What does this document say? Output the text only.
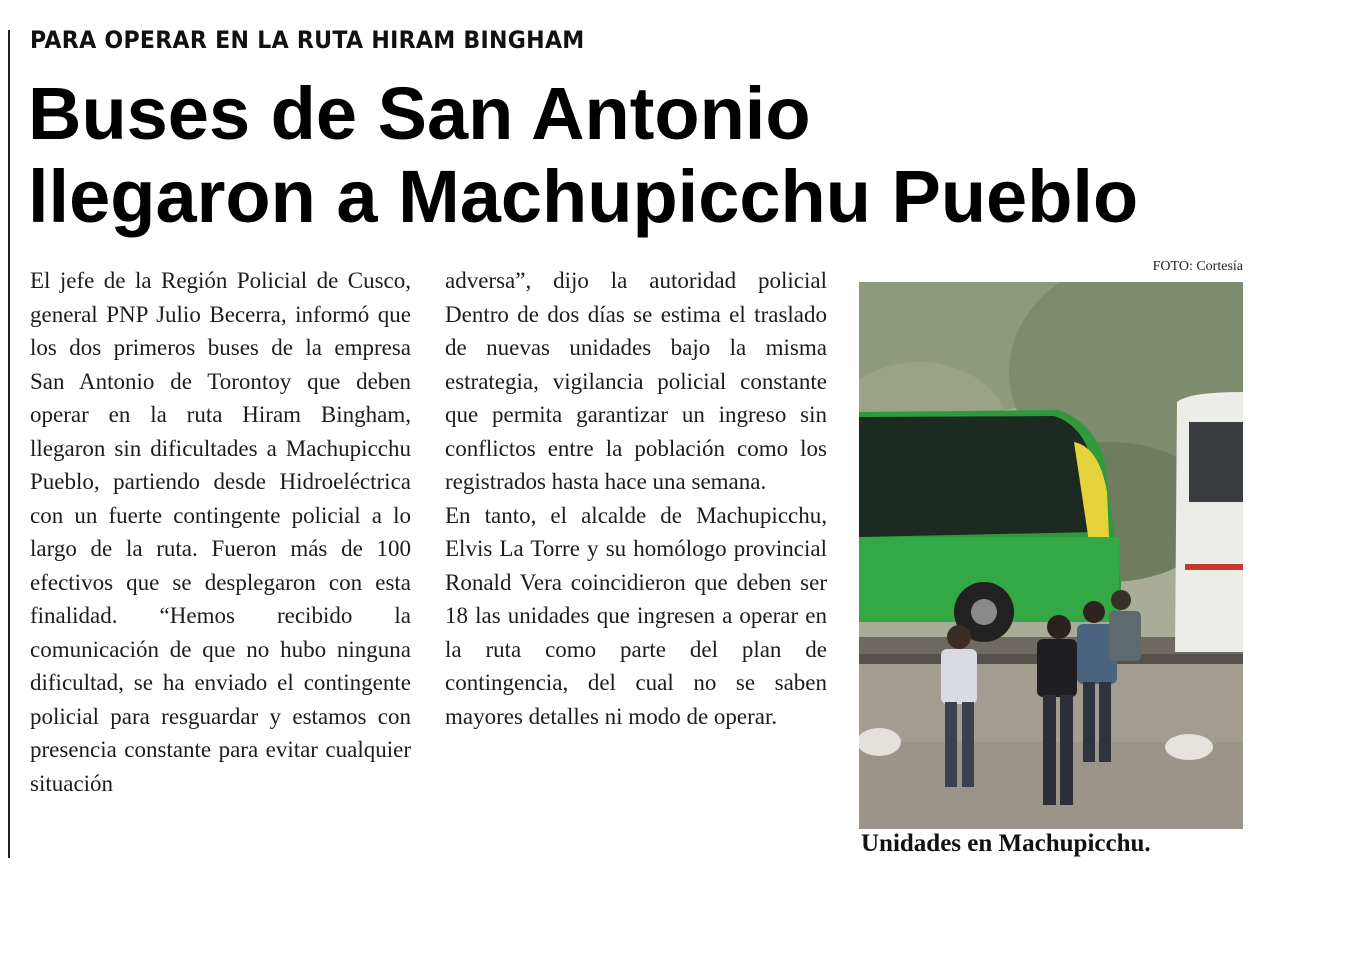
PARA OPERAR EN LA RUTA HIRAM BINGHAM
Buses de San Antonio
llegaron a Machupicchu Pueblo

El jefe de la Región Policial de Cusco, general PNP Julio Becerra, informó que los dos primeros buses de la empresa San Antonio de Torontoy que deben operar en la ruta Hiram Bingham, llegaron sin dificultades a Machupicchu Pueblo, partiendo desde Hidroeléctrica con un fuerte contingente policial a lo largo de la ruta. Fueron más de 100 efectivos que se desplegaron con esta finalidad. “Hemos recibido la comunicación de que no hubo ninguna dificultad, se ha enviado el contingente policial para resguardar y estamos con presencia constante para evitar cualquier situación

adversa”, dijo la autoridad policial Dentro de dos días se estima el traslado de nuevas unidades bajo la misma estrategia, vigilancia policial constante que permita garantizar un ingreso sin conflictos entre la población como los registrados hasta hace una semana.

En tanto, el alcalde de Machupicchu, Elvis La Torre y su homólogo provincial Ronald Vera coincidieron que deben ser 18 las unidades que ingresen a operar en la ruta como parte del plan de contingencia, del cual no se saben mayores detalles ni modo de operar.

FOTO: Cortesía

Unidades en Machupicchu.
